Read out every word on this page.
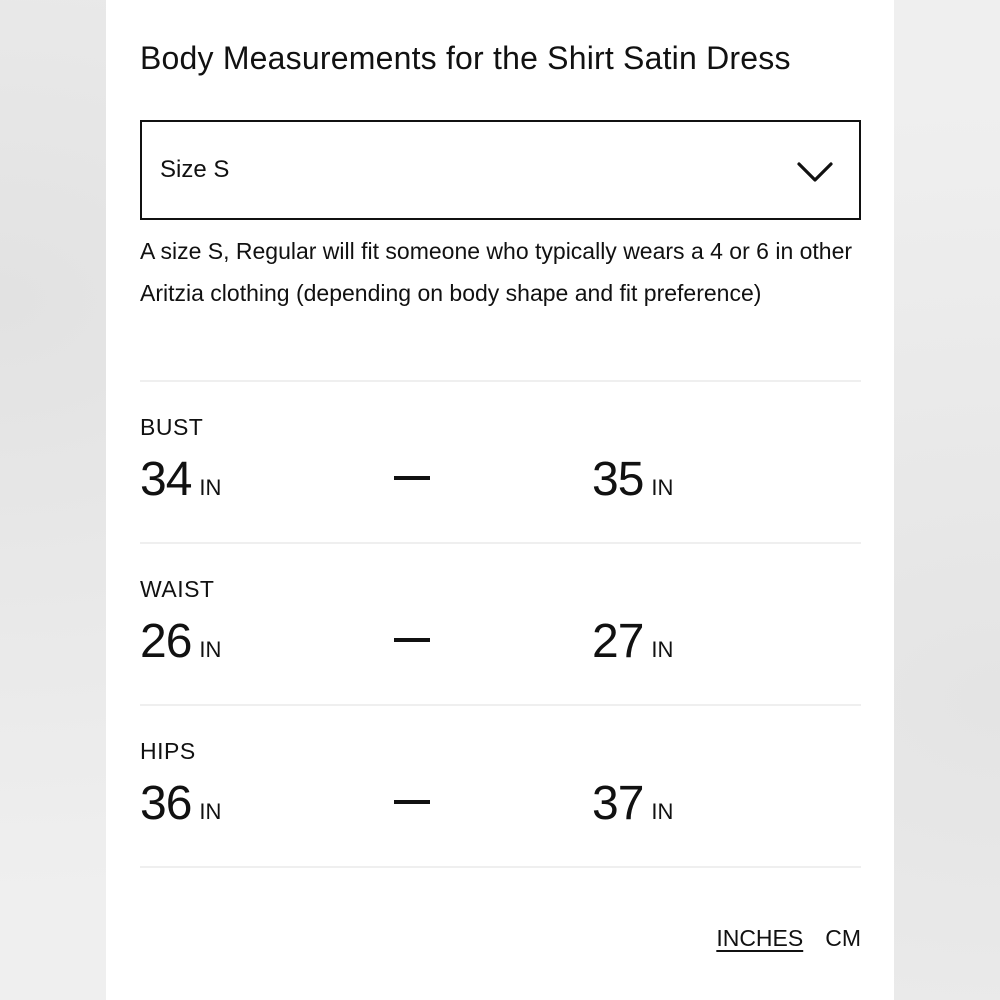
Body Measurements for the Shirt Satin Dress
Size S

A size S, Regular will fit someone who typically wears a 4 or 6 in other Aritzia clothing (depending on body shape and fit preference)

BUST
34 IN	35 IN
WAIST
26 IN	27 IN
HIPS
36 IN	37 IN
INCHES CM
